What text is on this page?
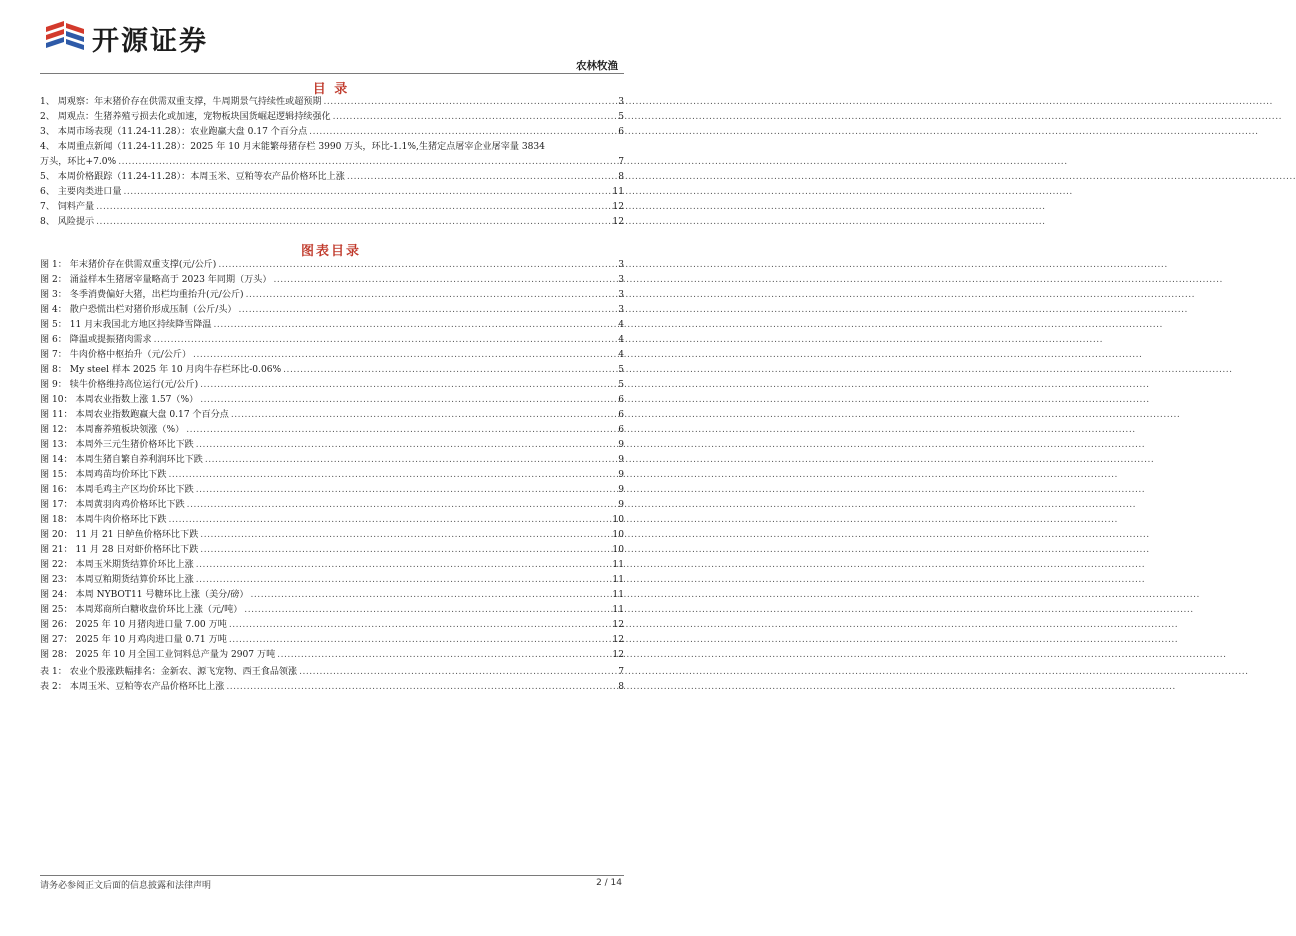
开源证券
农林牧渔
目 录
1、 周观察：年末猪价存在供需双重支撑，牛周期景气持续性或超预期 .....	3
2、 周观点：生猪养殖亏损去化或加速，宠物板块国货崛起逻辑持续强化 .....	5
3、 本周市场表现（11.24-11.28）：农业跑赢大盘 0.17 个百分点 .....	6
4、 本周重点新闻（11.24-11.28）：2025 年 10 月末能繁母猪存栏 3990 万头，环比-1.1%,生猪定点屠宰企业屠宰量 3834
万头，环比+7.0% .....	7
5、 本周价格跟踪（11.24-11.28）：本周玉米、豆粕等农产品价格环比上涨 .....	8
6、 主要肉类进口量 .....	11
7、 饲料产量 .....	12
8、 风险提示 .....	12
图表目录
图 1： 年末猪价存在供需双重支撑(元/公斤) .....	3
图 2： 涌益样本生猪屠宰量略高于 2023 年同期（万头） .....	3
图 3： 冬季消费偏好大猪，出栏均重抬升(元/公斤) .....	3
图 4： 散户恐慌出栏对猪价形成压制（公斤/头） .....	3
图 5： 11 月末我国北方地区持续降雪降温 .....	4
图 6： 降温或提振猪肉需求 .....	4
图 7： 牛肉价格中枢抬升（元/公斤） .....	4
图 8： My steel 样本 2025 年 10 月肉牛存栏环比-0.06% .....	5
图 9： 犊牛价格维持高位运行(元/公斤) .....	5
图 10： 本周农业指数上涨 1.57（%） .....	6
图 11： 本周农业指数跑赢大盘 0.17 个百分点 .....	6
图 12： 本周畜养殖板块领涨（%） .....	6
图 13： 本周外三元生猪价格环比下跌 .....	9
图 14： 本周生猪自繁自养利润环比下跌 .....	9
图 15： 本周鸡苗均价环比下跌 .....	9
图 16： 本周毛鸡主产区均价环比下跌 .....	9
图 17： 本周黄羽肉鸡价格环比下跌 .....	9
图 18： 本周牛肉价格环比下跌 .....	10
图 20： 11 月 21 日鲈鱼价格环比下跌 .....	10
图 21： 11 月 28 日对虾价格环比下跌 .....	10
图 22： 本周玉米期货结算价环比上涨 .....	11
图 23： 本周豆粕期货结算价环比上涨 .....	11
图 24： 本周 NYBOT11 号糖环比上涨（美分/磅） .....	11
图 25： 本周郑商所白糖收盘价环比上涨（元/吨） .....	11
图 26： 2025 年 10 月猪肉进口量 7.00 万吨 .....	12
图 27： 2025 年 10 月鸡肉进口量 0.71 万吨 .....	12
图 28： 2025 年 10 月全国工业饲料总产量为 2907 万吨 .....	12
表 1： 农业个股涨跌幅排名：金新农、源飞宠物、西王食品领涨 .....	7
表 2： 本周玉米、豆粕等农产品价格环比上涨 .....	8
请务必参阅正文后面的信息披露和法律声明	2 / 14
